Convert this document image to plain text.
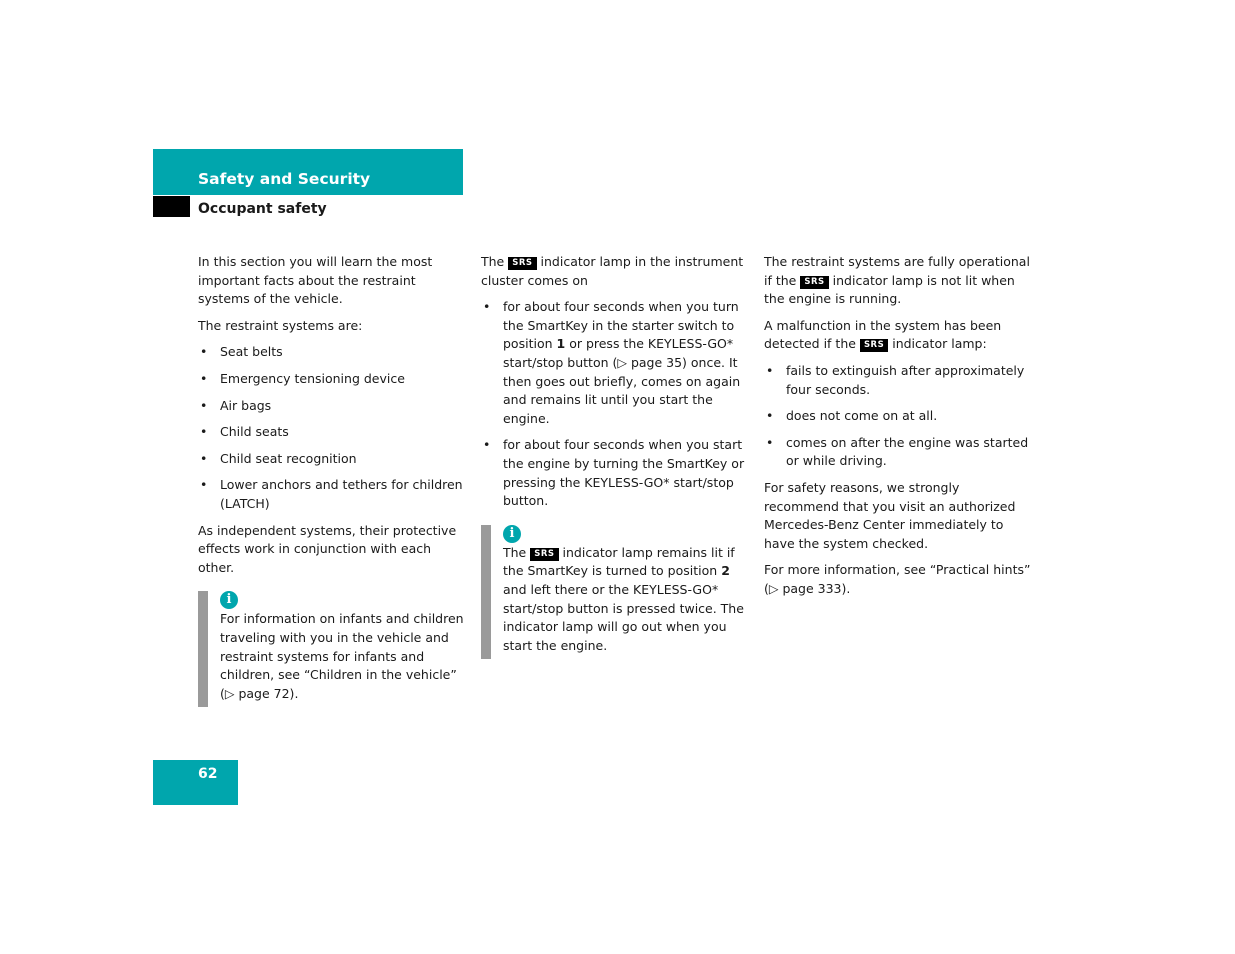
Safety and Security
Occupant safety

In this section you will learn the most important facts about the restraint systems of the vehicle.

The restraint systems are:

• Seat belts
• Emergency tensioning device
• Air bags
• Child seats
• Child seat recognition
• Lower anchors and tethers for children (LATCH)

As independent systems, their protective effects work in conjunction with each other.

i

For information on infants and children traveling with you in the vehicle and restraint systems for infants and children, see “Children in the vehicle” (▷ page 72).

The SRS indicator lamp in the instrument cluster comes on

• for about four seconds when you turn the SmartKey in the starter switch to position 1 or press the KEYLESS-GO* start/stop button (▷ page 35) once. It then goes out briefly, comes on again and remains lit until you start the engine.
• for about four seconds when you start the engine by turning the SmartKey or pressing the KEYLESS-GO* start/stop button.
i

The SRS indicator lamp remains lit if the SmartKey is turned to position 2 and left there or the KEYLESS-GO* start/stop button is pressed twice. The indicator lamp will go out when you start the engine.

The restraint systems are fully operational if the SRS indicator lamp is not lit when the engine is running.

A malfunction in the system has been detected if the SRS indicator lamp:

• fails to extinguish after approximately four seconds.
• does not come on at all.
• comes on after the engine was started or while driving.

For safety reasons, we strongly recommend that you visit an authorized Mercedes-Benz Center immediately to have the system checked.

For more information, see “Practical hints” (▷ page 333).

62
